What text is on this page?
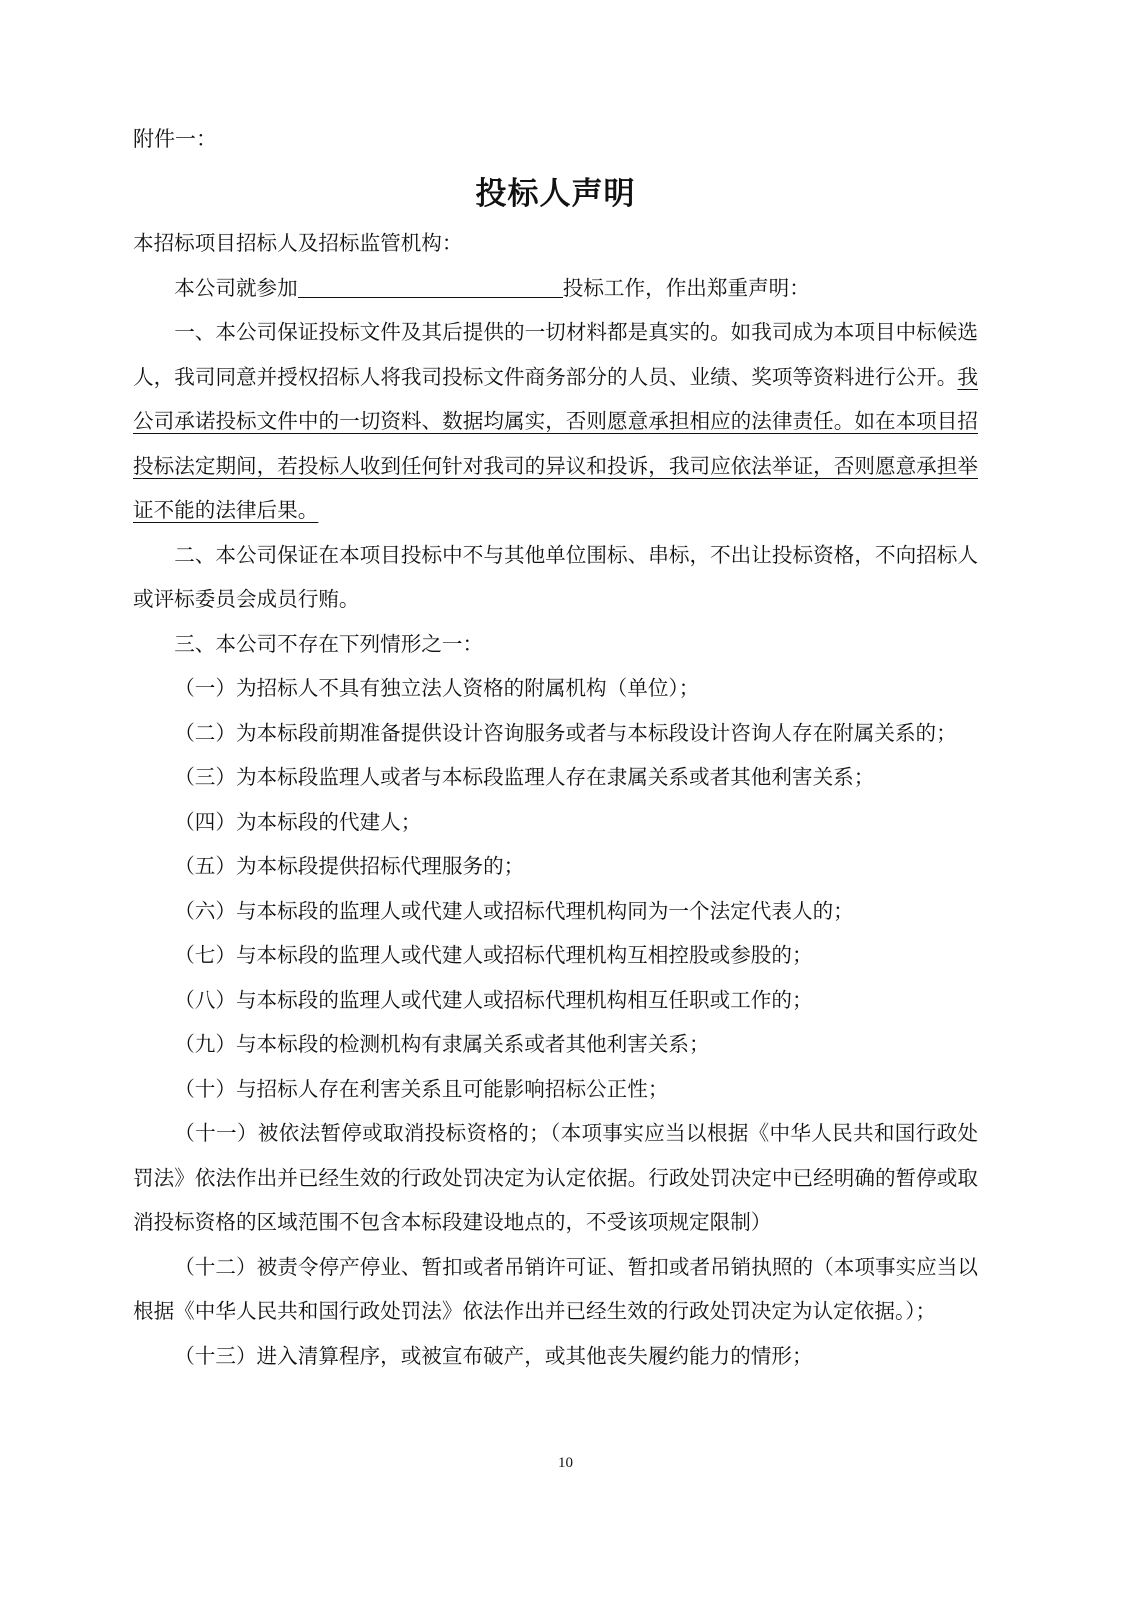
附件一：
投标人声明

本招标项目招标人及招标监管机构：

本公司就参加	投标工作，作出郑重声明：

一、本公司保证投标文件及其后提供的一切材料都是真实的。如我司成为本项目中标候选人，我司同意并授权招标人将我司投标文件商务部分的人员、业绩、奖项等资料进行公开。我公司承诺投标文件中的一切资料、数据均属实，否则愿意承担相应的法律责任。如在本项目招投标法定期间，若投标人收到任何针对我司的异议和投诉，我司应依法举证，否则愿意承担举证不能的法律后果。

二、本公司保证在本项目投标中不与其他单位围标、串标，不出让投标资格，不向招标人或评标委员会成员行贿。

三、本公司不存在下列情形之一：

（一）为招标人不具有独立法人资格的附属机构（单位）；

（二）为本标段前期准备提供设计咨询服务或者与本标段设计咨询人存在附属关系的；

（三）为本标段监理人或者与本标段监理人存在隶属关系或者其他利害关系；

（四）为本标段的代建人；

（五）为本标段提供招标代理服务的；

（六）与本标段的监理人或代建人或招标代理机构同为一个法定代表人的；

（七）与本标段的监理人或代建人或招标代理机构互相控股或参股的；

（八）与本标段的监理人或代建人或招标代理机构相互任职或工作的；

（九）与本标段的检测机构有隶属关系或者其他利害关系；

（十）与招标人存在利害关系且可能影响招标公正性；

（十一）被依法暂停或取消投标资格的；（本项事实应当以根据《中华人民共和国行政处罚法》依法作出并已经生效的行政处罚决定为认定依据。行政处罚决定中已经明确的暂停或取消投标资格的区域范围不包含本标段建设地点的，不受该项规定限制）

（十二）被责令停产停业、暂扣或者吊销许可证、暂扣或者吊销执照的（本项事实应当以根据《中华人民共和国行政处罚法》依法作出并已经生效的行政处罚决定为认定依据。）；

（十三）进入清算程序，或被宣布破产，或其他丧失履约能力的情形；

10
